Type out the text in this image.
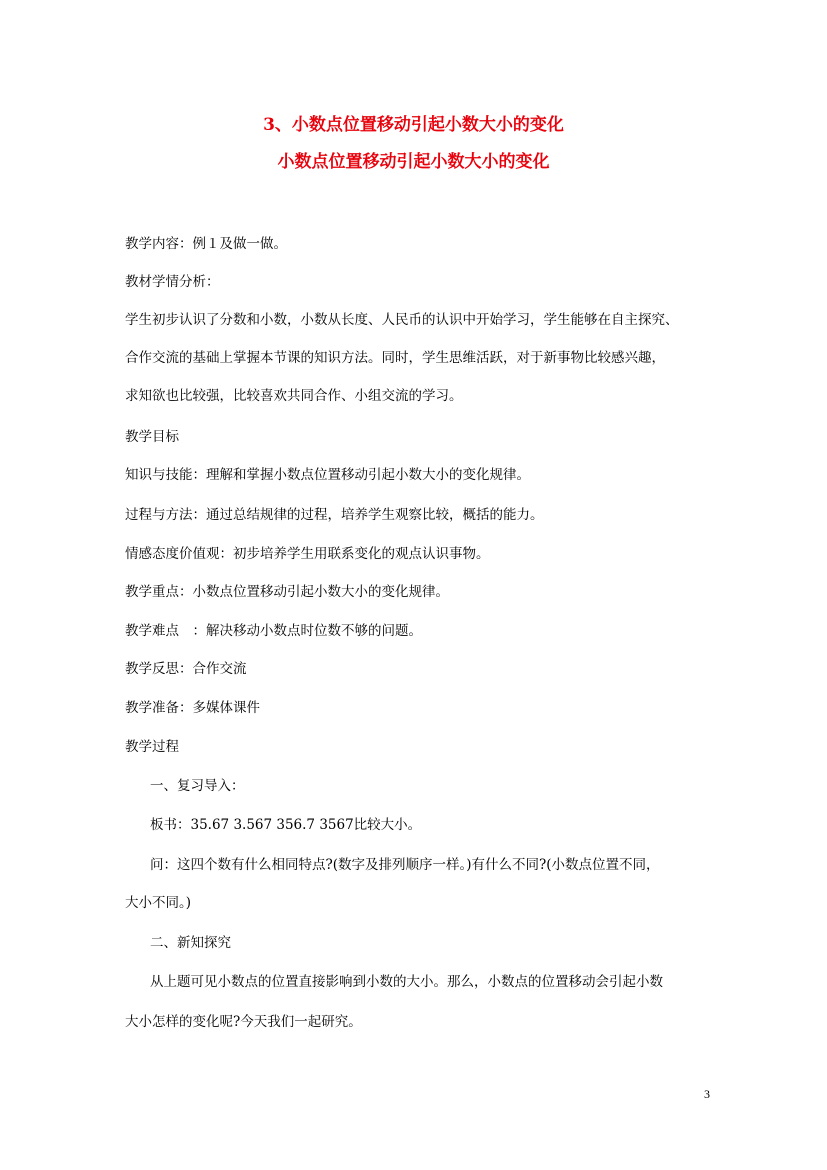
3、小数点位置移动引起小数大小的变化
小数点位置移动引起小数大小的变化
教学内容：例１及做一做。
教材学情分析：
学生初步认识了分数和小数，小数从长度、人民币的认识中开始学习，学生能够在自主探究、
合作交流的基础上掌握本节课的知识方法。同时，学生思维活跃，对于新事物比较感兴趣，
求知欲也比较强，比较喜欢共同合作、小组交流的学习。
教学目标
知识与技能：理解和掌握小数点位置移动引起小数大小的变化规律。
过程与方法：通过总结规律的过程，培养学生观察比较，概括的能力。
情感态度价值观：初步培养学生用联系变化的观点认识事物。
教学重点：小数点位置移动引起小数大小的变化规律。
教学难点　：解决移动小数点时位数不够的问题。
教学反思：合作交流
教学准备：多媒体课件
教学过程
一、复习导入：
板书：35.67 3.567 356.7 3567比较大小。
问：这四个数有什么相同特点?(数字及排列顺序一样。)有什么不同?(小数点位置不同，
大小不同。)
二、新知探究
从上题可见小数点的位置直接影响到小数的大小。那么，小数点的位置移动会引起小数
大小怎样的变化呢?今天我们一起研究。
3
